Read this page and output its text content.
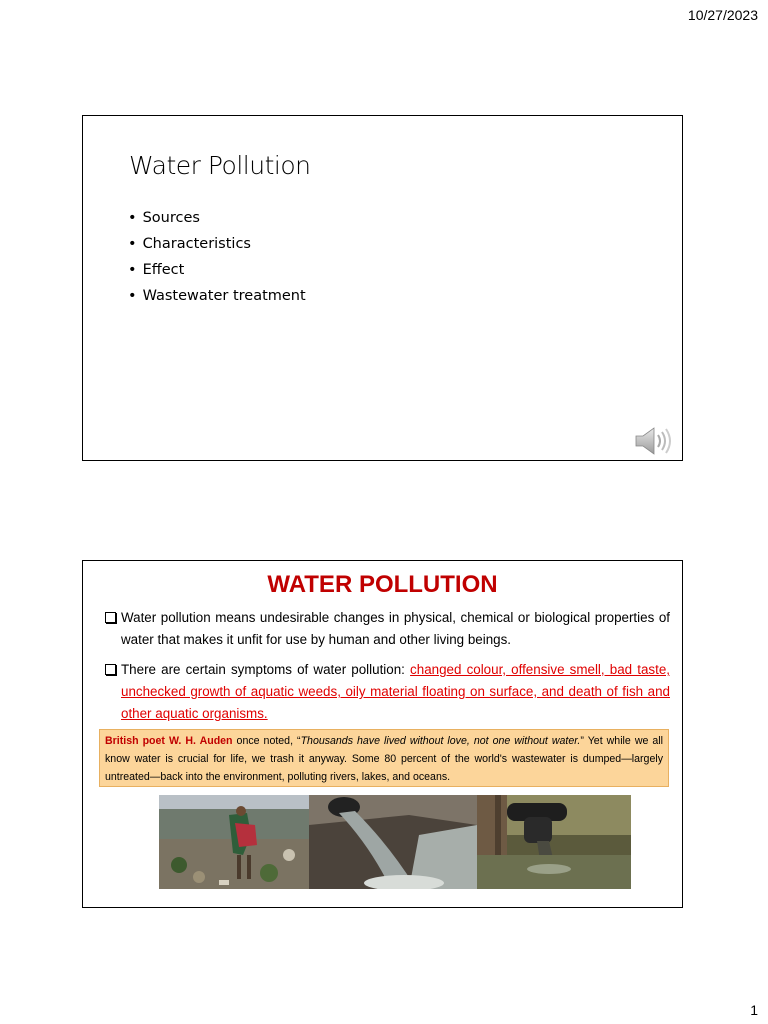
10/27/2023
Water Pollution
• Sources
• Characteristics
• Effect
• Wastewater treatment
WATER POLLUTION
Water pollution means undesirable changes in physical, chemical or biological properties of water that makes it unfit for use by human and other living beings.
There are certain symptoms of water pollution: changed colour, offensive smell, bad taste, unchecked growth of aquatic weeds, oily material floating on surface, and death of fish and other aquatic organisms.
British poet W. H. Auden once noted, “Thousands have lived without love, not one without water.” Yet while we all know water is crucial for life, we trash it anyway. Some 80 percent of the world's wastewater is dumped—largely untreated—back into the environment, polluting rivers, lakes, and oceans.
1
